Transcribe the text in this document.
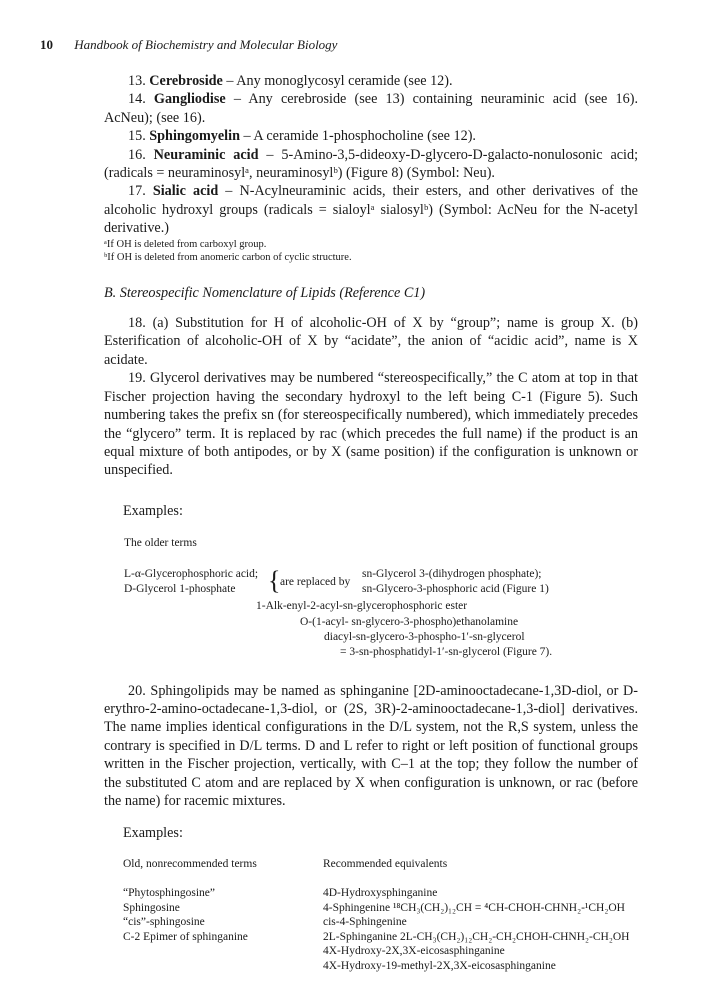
10 Handbook of Biochemistry and Molecular Biology

13. Cerebroside – Any monoglycosyl ceramide (see 12).

14. Gangliodise – Any cerebroside (see 13) containing neuraminic acid (see 16). AcNeu); (see 16).

15. Sphingomyelin – A ceramide 1-phosphocholine (see 12).

16. Neuraminic acid – 5-Amino-3,5-dideoxy-D-glycero-D-galacto-nonulosonic acid; (radicals = neuraminosylᵃ, neuraminosylᵇ) (Figure 8) (Symbol: Neu).

17. Sialic acid – N-Acylneuraminic acids, their esters, and other derivatives of the alcoholic hydroxyl groups (radicals = sialoylᵃ sialosylᵇ) (Symbol: AcNeu for the N-acetyl derivative.)

ᵃIf OH is deleted from carboxyl group.

ᵇIf OH is deleted from anomeric carbon of cyclic structure.

B. Stereospecific Nomenclature of Lipids (Reference C1)

18. (a) Substitution for H of alcoholic-OH of X by “group”; name is group X. (b) Esterification of alcoholic-OH of X by “acidate”, the anion of “acidic acid”, name is X acidate.

19. Glycerol derivatives may be numbered “stereospecifically,” the C atom at top in that Fischer projection having the secondary hydroxyl to the left being C-1 (Figure 5). Such numbering takes the prefix sn (for stereospecifically numbered), which immediately precedes the “glycero” term. It is replaced by rac (which precedes the full name) if the product is an equal mixture of both antipodes, or by X (same position) if the configuration is unknown or unspecified.

Examples:

The older terms

L-α-Glycerophosphoric acid;
D-Glycerol 1-phosphate { are replaced by
sn-Glycerol 3-(dihydrogen phosphate);
sn-Glycero-3-phosphoric acid (Figure 1)
1-Alk-enyl-2-acyl-sn-glycerophosphoric ester
O-(1-acyl- sn-glycero-3-phospho)ethanolamine
diacyl-sn-glycero-3-phospho-1′-sn-glycerol
= 3-sn-phosphatidyl-1′-sn-glycerol (Figure 7).

20. Sphingolipids may be named as sphinganine [2D-aminooctadecane-1,3D-diol, or D-erythro-2-amino-octadecane-1,3-diol, or (2S, 3R)-2-aminooctadecane-1,3-diol] derivatives. The name implies identical configurations in the D/L system, not the R,S system, unless the contrary is specified in D/L terms. D and L refer to right or left position of functional groups written in the Fischer projection, vertically, with C–1 at the top; they follow the number of the substituted C atom and are replaced by X when configuration is unknown, or rac (before the name) for racemic mixtures.

Examples:

Old, nonrecommended terms	Recommended equivalents
“Phytosphingosine”	4D-Hydroxysphinganine
Sphingosine	4-Sphingenine ¹⁸CH₃(CH₂)₁₂CH = ⁴CH-CHOH-CHNH₂-¹CH₂OH
“cis”-sphingosine	cis-4-Sphingenine
C-2 Epimer of sphinganine	2L-Sphinganine 2L-CH₃(CH₂)₁₂CH₂-CH₂CHOH-CHNH₂-CH₂OH
	4X-Hydroxy-2X,3X-eicosasphinganine
	4X-Hydroxy-19-methyl-2X,3X-eicosasphinganine
